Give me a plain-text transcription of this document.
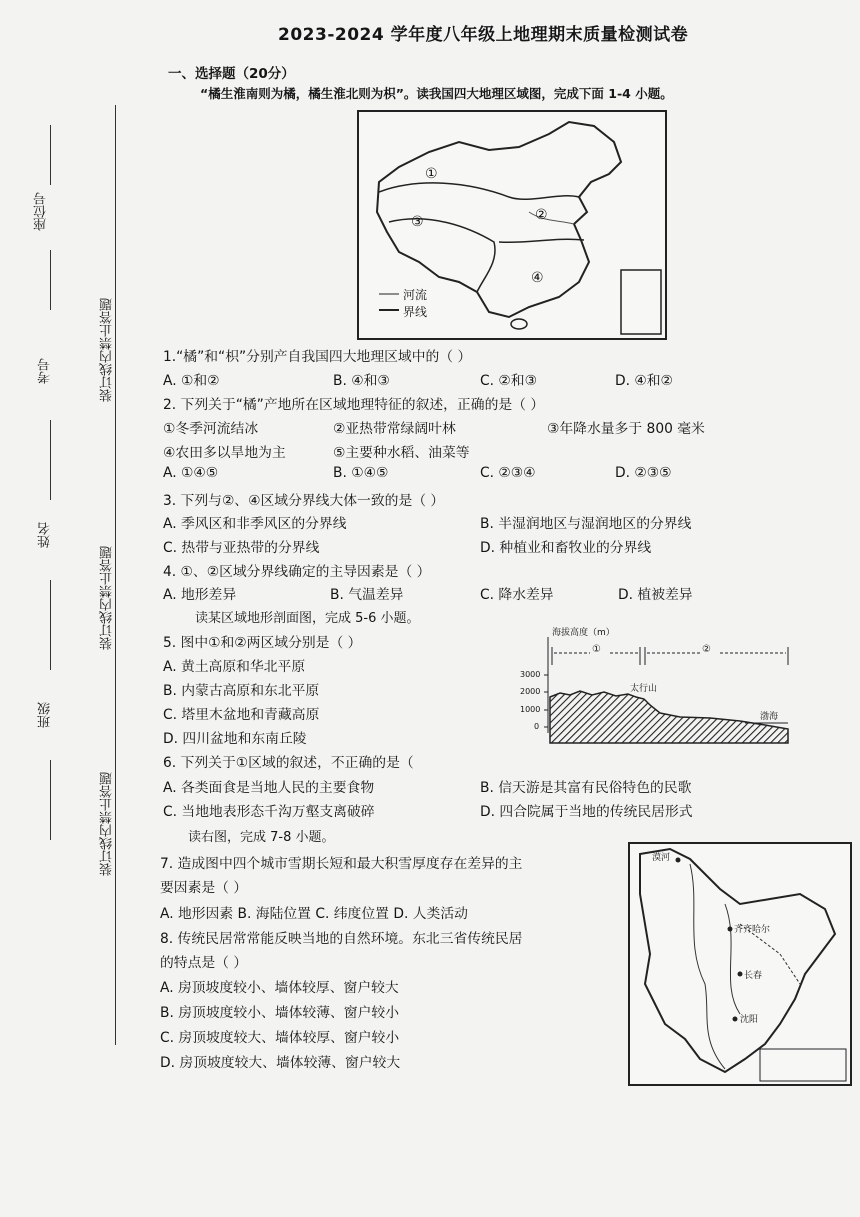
2023-2024 学年度八年级上地理期末质量检测试卷
一、选择题（20分）
“橘生淮南则为橘，橘生淮北则为枳”。读我国四大地理区域图，完成下面 1-4 小题。
座位号
考号
姓名
班级
装订线内禁止答题
装订线内禁止答题
装订线内禁止答题
①
②
③
④
河流
界线
1.“橘”和“枳”分别产自我国四大地理区域中的（ ）
A. ①和②	B. ④和③	C. ②和③	D. ④和②
2. 下列关于“橘”产地所在区域地理特征的叙述，正确的是（ ）
①冬季河流结冰	②亚热带常绿阔叶林	③年降水量多于 800 毫米
④农田多以旱地为主	⑤主要种水稻、油菜等
A. ①④⑤	B. ①④⑤	C. ②③④	D. ②③⑤
3. 下列与②、④区域分界线大体一致的是（ ）
A. 季风区和非季风区的分界线	B. 半湿润地区与湿润地区的分界线
C. 热带与亚热带的分界线	D. 种植业和畜牧业的分界线
4. ①、②区域分界线确定的主导因素是（ ）
A. 地形差异	B. 气温差异	C. 降水差异	D. 植被差异
读某区域地形剖面图，完成 5-6 小题。
5. 图中①和②两区域分别是（ ）
A. 黄土高原和华北平原
B. 内蒙古高原和东北平原
C. 塔里木盆地和青藏高原
D. 四川盆地和东南丘陵
海拔高度（m）
3000
2000
1000
0
①	②
太行山
渤海
6. 下列关于①区域的叙述，不正确的是（
A. 各类面食是当地人民的主要食物	B. 信天游是其富有民俗特色的民歌
C. 当地地表形态千沟万壑支离破碎	D. 四合院属于当地的传统民居形式
读右图，完成 7-8 小题。
7. 造成图中四个城市雪期长短和最大积雪厚度存在差异的主
要因素是（ ）
A. 地形因素 B. 海陆位置 C. 纬度位置 D. 人类活动
8. 传统民居常常能反映当地的自然环境。东北三省传统民居
的特点是（ ）
A. 房顶坡度较小、墙体较厚、窗户较大
B. 房顶坡度较小、墙体较薄、窗户较小
C. 房顶坡度较大、墙体较厚、窗户较小
D. 房顶坡度较大、墙体较薄、窗户较大
漠河
齐齐哈尔
长春
沈阳
